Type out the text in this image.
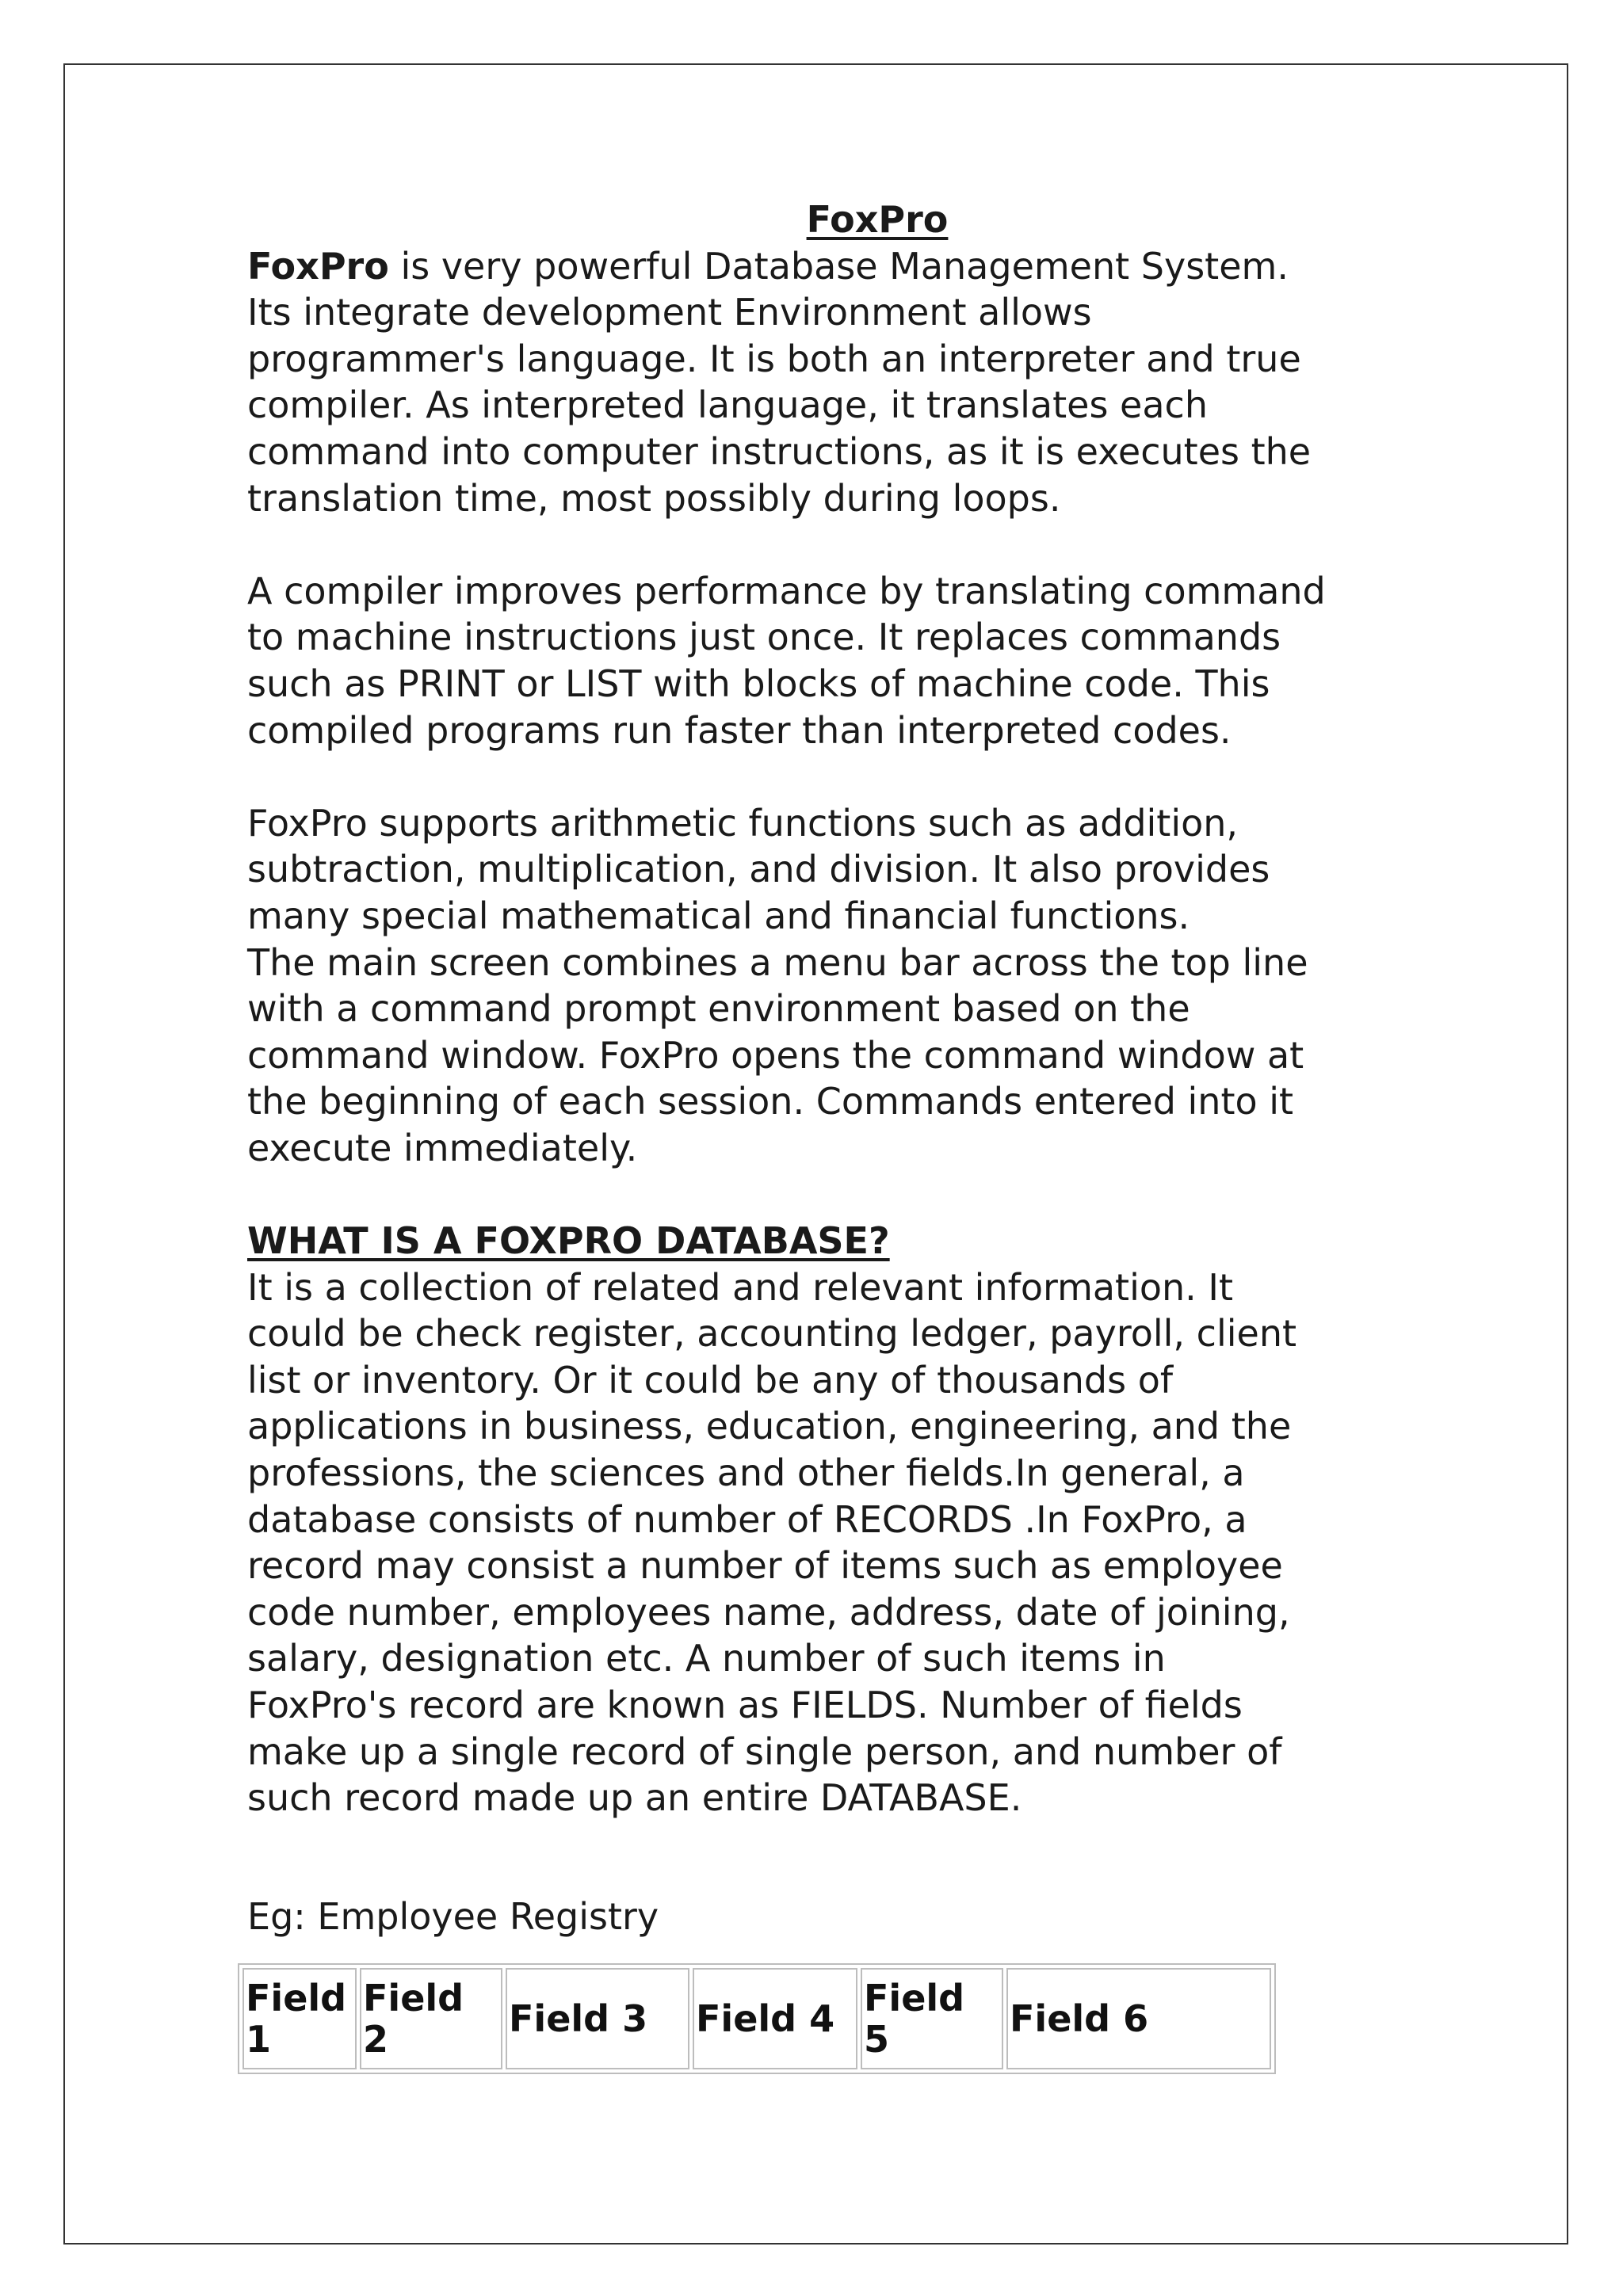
FoxPro

FoxPro is very powerful Database Management System.
Its integrate development Environment allows
programmer's language. It is both an interpreter and true
compiler. As interpreted language, it translates each
command into computer instructions, as it is executes the
translation time, most possibly during loops.

A compiler improves performance by translating command
to machine instructions just once. It replaces commands
such as PRINT or LIST with blocks of machine code. This
compiled programs run faster than interpreted codes.

FoxPro supports arithmetic functions such as addition,
subtraction, multiplication, and division. It also provides
many special mathematical and financial functions.
The main screen combines a menu bar across the top line
with a command prompt environment based on the
command window. FoxPro opens the command window at
the beginning of each session. Commands entered into it
execute immediately.

WHAT IS A FOXPRO DATABASE?

It is a collection of related and relevant information. It
could be check register, accounting ledger, payroll, client
list or inventory. Or it could be any of thousands of
applications in business, education, engineering, and the
professions, the sciences and other fields.In general, a
database consists of number of RECORDS .In FoxPro, a
record may consist a number of items such as employee
code number, employees name, address, date of joining,
salary, designation etc. A number of such items in
FoxPro's record are known as FIELDS. Number of fields
make up a single record of single person, and number of
such record made up an entire DATABASE.

Eg: Employee Registry

Field 1	Field 2	Field 3	Field 4	Field 5	Field 6
